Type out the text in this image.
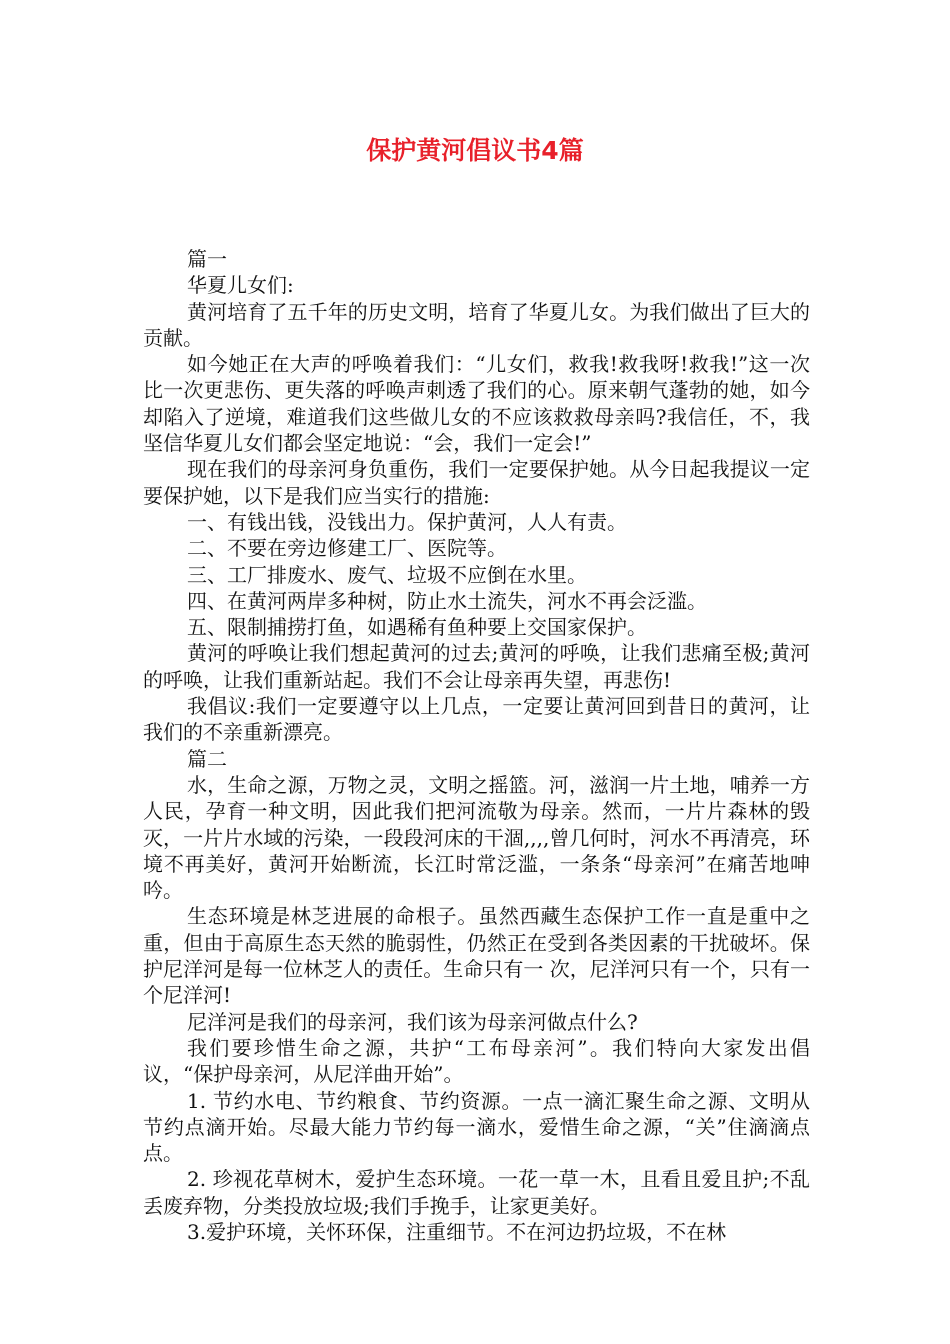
保护黄河倡议书4篇

篇一

华夏儿女们:

黄河培育了五千年的历史文明，培育了华夏儿女。为我们做出了巨大的贡献。

如今她正在大声的呼唤着我们：“儿女们，救我!救我呀!救我!”这一次比一次更悲伤、更失落的呼唤声刺透了我们的心。原来朝气蓬勃的她，如今却陷入了逆境，难道我们这些做儿女的不应该救救母亲吗?我信任，不，我坚信华夏儿女们都会坚定地说：“会，我们一定会!”

现在我们的母亲河身负重伤，我们一定要保护她。从今日起我提议一定要保护她，以下是我们应当实行的措施:

一、有钱出钱，没钱出力。保护黄河，人人有责。

二、不要在旁边修建工厂、医院等。

三、工厂排废水、废气、垃圾不应倒在水里。

四、在黄河两岸多种树，防止水土流失，河水不再会泛滥。

五、限制捕捞打鱼，如遇稀有鱼种要上交国家保护。

黄河的呼唤让我们想起黄河的过去;黄河的呼唤，让我们悲痛至极;黄河的呼唤，让我们重新站起。我们不会让母亲再失望，再悲伤!

我倡议:我们一定要遵守以上几点，一定要让黄河回到昔日的黄河，让我们的不亲重新漂亮。

篇二

水，生命之源，万物之灵，文明之摇篮。河，滋润一片土地，哺养一方人民，孕育一种文明，因此我们把河流敬为母亲。然而，一片片森林的毁灭，一片片水域的污染，一段段河床的干涸,,,,曾几何时，河水不再清亮，环境不再美好，黄河开始断流，长江时常泛滥，一条条“母亲河”在痛苦地呻吟。

生态环境是林芝进展的命根子。虽然西藏生态保护工作一直是重中之重，但由于高原生态天然的脆弱性，仍然正在受到各类因素的干扰破坏。保护尼洋河是每一位林芝人的责任。生命只有一 次，尼洋河只有一个，只有一个尼洋河!

尼洋河是我们的母亲河，我们该为母亲河做点什么?

我们要珍惜生命之源，共护“工布母亲河”。我们特向大家发出倡议，“保护母亲河，从尼洋曲开始”。

1. 节约水电、节约粮食、节约资源。一点一滴汇聚生命之源、文明从节约点滴开始。尽最大能力节约每一滴水，爱惜生命之源，“关”住滴滴点点。

2. 珍视花草树木，爱护生态环境。一花一草一木，且看且爱且护;不乱丢废弃物，分类投放垃圾;我们手挽手，让家更美好。

3.爱护环境，关怀环保，注重细节。不在河边扔垃圾，不在林
